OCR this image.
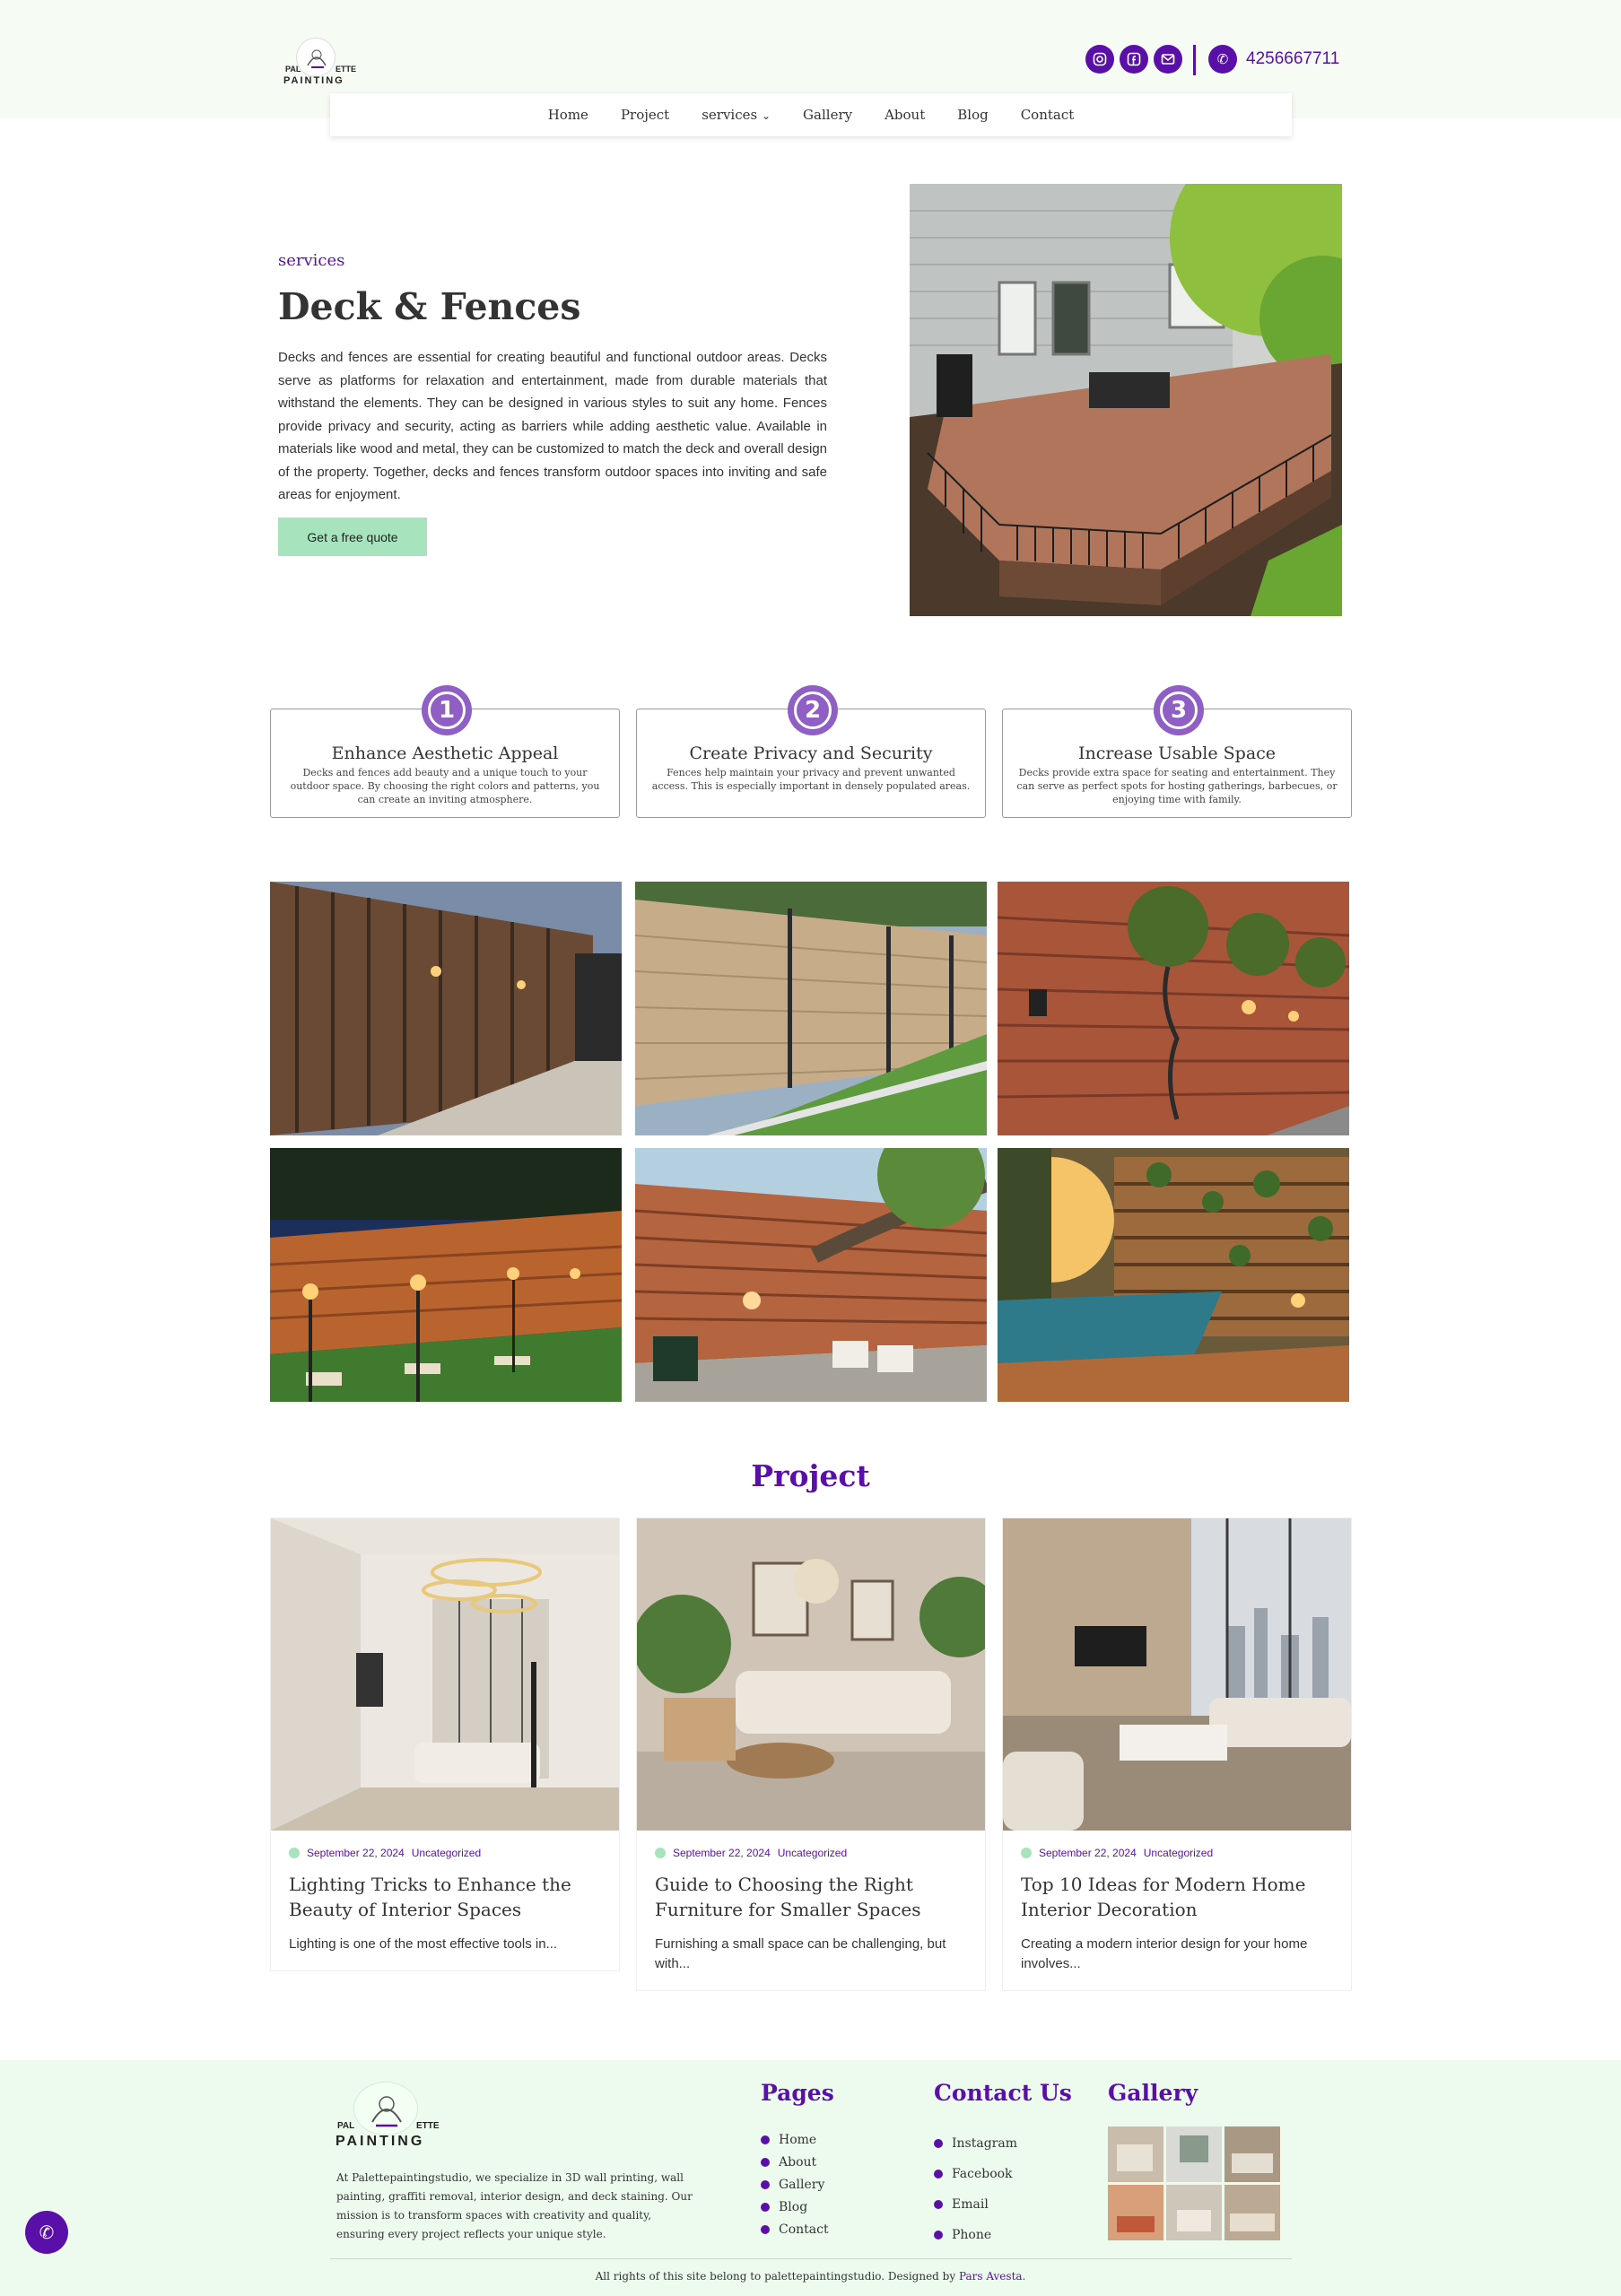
PAL	ETTE
PAINTING
✆	4256667711
Home Project services ⌄ Gallery About Blog Contact
services
Deck & Fences

Decks and fences are essential for creating beautiful and functional outdoor areas. Decks serve as platforms for relaxation and entertainment, made from durable materials that withstand the elements. They can be designed in various styles to suit any home. Fences provide privacy and security, acting as barriers while adding aesthetic value. Available in materials like wood and metal, they can be customized to match the deck and overall design of the property. Together, decks and fences transform outdoor spaces into inviting and safe areas for enjoyment.

Get a free quote
1
Enhance Aesthetic Appeal

Decks and fences add beauty and a unique touch to your outdoor space. By choosing the right colors and patterns, you can create an inviting atmosphere.

2
Create Privacy and Security

Fences help maintain your privacy and prevent unwanted access. This is especially important in densely populated areas.

3
Increase Usable Space

Decks provide extra space for seating and entertainment. They can serve as perfect spots for hosting gatherings, barbecues, or enjoying time with family.

Project
September 22, 2024 Uncategorized
Lighting Tricks to Enhance the Beauty of Interior Spaces

Lighting is one of the most effective tools in...

September 22, 2024 Uncategorized
Guide to Choosing the Right Furniture for Smaller Spaces

Furnishing a small space can be challenging, but with...

September 22, 2024 Uncategorized
Top 10 Ideas for Modern Home Interior Decoration

Creating a modern interior design for your home involves...

PAL	ETTE
PAINTING

At Palettepaintingstudio, we specialize in 3D wall printing, wall painting, graffiti removal, interior design, and deck staining. Our mission is to transform spaces with creativity and quality, ensuring every project reflects your unique style.

Pages
Home
About
Gallery
Blog
Contact
Contact Us
Instagram
Facebook
Email
Phone
Gallery
All rights of this site belong to palettepaintingstudio. Designed by Pars Avesta.
✆
